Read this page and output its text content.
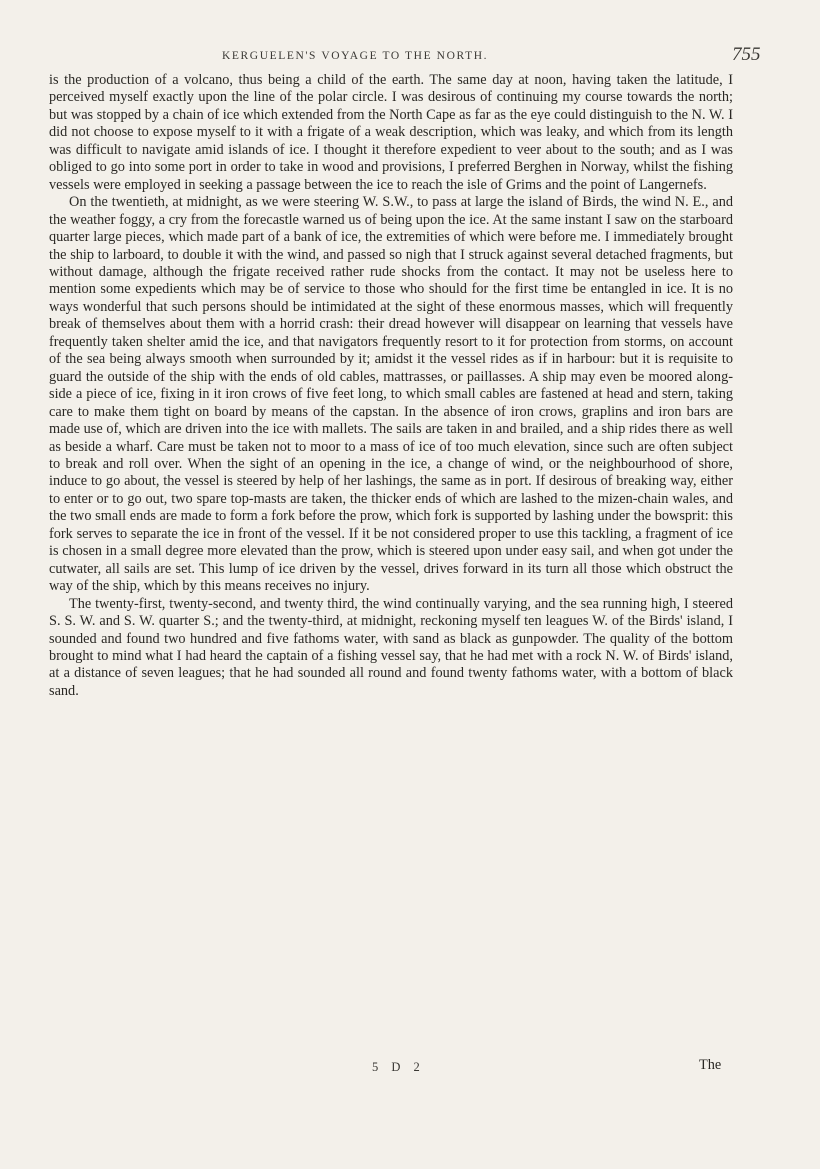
KERGUELEN'S VOYAGE TO THE NORTH.	755

is the production of a volcano, thus being a child of the earth. The same day at noon, having taken the latitude, I perceived myself exactly upon the line of the polar circle. I was desirous of continuing my course towards the north; but was stopped by a chain of ice which extended from the North Cape as far as the eye could distinguish to the N. W. I did not choose to expose myself to it with a frigate of a weak description, which was leaky, and which from its length was difficult to navigate amid islands of ice. I thought it therefore expedient to veer about to the south; and as I was obliged to go into some port in order to take in wood and provisions, I preferred Berghen in Norway, whilst the fishing vessels were employed in seeking a passage between the ice to reach the isle of Grims and the point of Langernefs.

On the twentieth, at midnight, as we were steering W. S.W., to pass at large the island of Birds, the wind N. E., and the weather foggy, a cry from the forecastle warned us of being upon the ice. At the same instant I saw on the starboard quarter large pieces, which made part of a bank of ice, the extremities of which were before me. I immediately brought the ship to larboard, to double it with the wind, and passed so nigh that I struck against several detached fragments, but without damage, although the frigate received rather rude shocks from the contact. It may not be useless here to mention some expedients which may be of service to those who should for the first time be entangled in ice. It is no ways wonderful that such persons should be intimidated at the sight of these enormous masses, which will frequently break of themselves about them with a horrid crash: their dread however will disappear on learning that vessels have frequently taken shelter amid the ice, and that navigators frequently resort to it for protection from storms, on account of the sea being always smooth when surrounded by it; amidst it the vessel rides as if in harbour: but it is requisite to guard the outside of the ship with the ends of old cables, mattrasses, or paillasses. A ship may even be moored along-side a piece of ice, fixing in it iron crows of five feet long, to which small cables are fastened at head and stern, taking care to make them tight on board by means of the capstan. In the absence of iron crows, graplins and iron bars are made use of, which are driven into the ice with mallets. The sails are taken in and brailed, and a ship rides there as well as beside a wharf. Care must be taken not to moor to a mass of ice of too much elevation, since such are often subject to break and roll over. When the sight of an opening in the ice, a change of wind, or the neighbourhood of shore, induce to go about, the vessel is steered by help of her lashings, the same as in port. If desirous of breaking way, either to enter or to go out, two spare top-masts are taken, the thicker ends of which are lashed to the mizen-chain wales, and the two small ends are made to form a fork before the prow, which fork is supported by lashing under the bowsprit: this fork serves to separate the ice in front of the vessel. If it be not considered proper to use this tackling, a fragment of ice is chosen in a small degree more elevated than the prow, which is steered upon under easy sail, and when got under the cutwater, all sails are set. This lump of ice driven by the vessel, drives forward in its turn all those which obstruct the way of the ship, which by this means receives no injury.

The twenty-first, twenty-second, and twenty third, the wind continually varying, and the sea running high, I steered S. S. W. and S. W. quarter S.; and the twenty-third, at midnight, reckoning myself ten leagues W. of the Birds' island, I sounded and found two hundred and five fathoms water, with sand as black as gunpowder. The quality of the bottom brought to mind what I had heard the captain of a fishing vessel say, that he had met with a rock N. W. of Birds' island, at a distance of seven leagues; that he had sounded all round and found twenty fathoms water, with a bottom of black sand.

5 D 2	The
